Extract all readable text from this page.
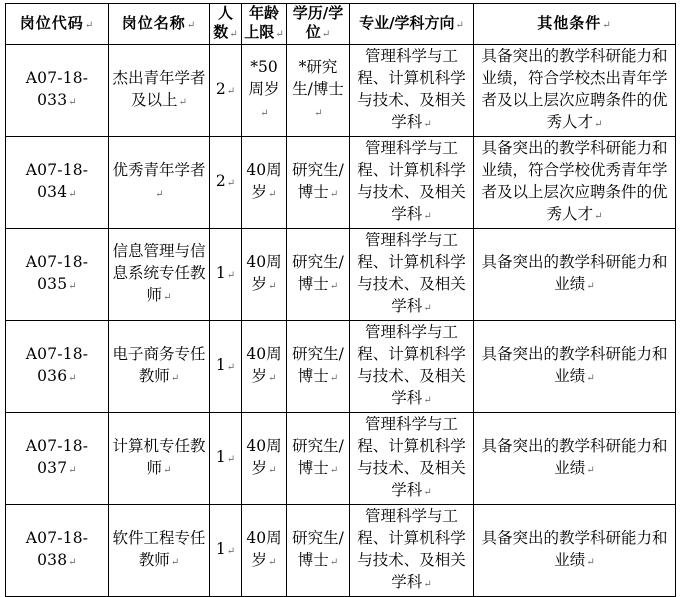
岗位代码↵	岗位名称↵	人数↵	年龄上限↵	学历/学位↵	专业/学科方向↵	其他条件↵
A07-18-033↵	杰出青年学者及以上↵	2↵	*50周岁↵	*研究生/博士↵	管理科学与工程、计算机科学与技术、及相关学科↵	具备突出的教学科研能力和业绩，符合学校杰出青年学者及以上层次应聘条件的优秀人才↵
A07-18-034↵	优秀青年学者↵	2↵	40周岁↵	研究生/博士↵	管理科学与工程、计算机科学与技术、及相关学科↵	具备突出的教学科研能力和业绩，符合学校优秀青年学者及以上层次应聘条件的优秀人才↵
A07-18-035↵	信息管理与信息系统专任教师↵	1↵	40周岁↵	研究生/博士↵	管理科学与工程、计算机科学与技术、及相关学科↵	具备突出的教学科研能力和业绩↵
A07-18-036↵	电子商务专任教师↵	1↵	40周岁↵	研究生/博士↵	管理科学与工程、计算机科学与技术、及相关学科↵	具备突出的教学科研能力和业绩↵
A07-18-037↵	计算机专任教师↵	1↵	40周岁↵	研究生/博士↵	管理科学与工程、计算机科学与技术、及相关学科↵	具备突出的教学科研能力和业绩↵
A07-18-038↵	软件工程专任教师↵	1↵	40周岁↵	研究生/博士↵	管理科学与工程、计算机科学与技术、及相关学科↵	具备突出的教学科研能力和业绩↵
